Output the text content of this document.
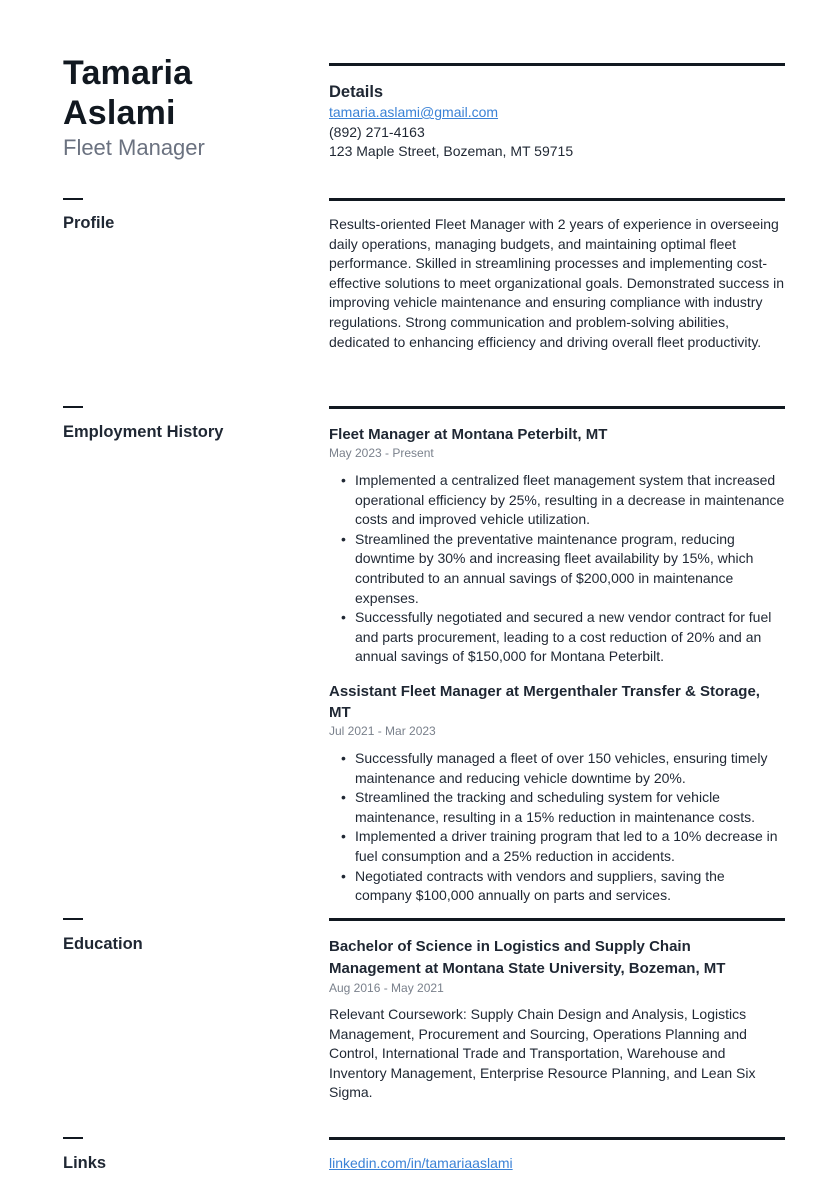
Tamaria
Aslami
Fleet Manager
Details
tamaria.aslami@gmail.com
(892) 271-4163
123 Maple Street, Bozeman, MT 59715
Profile	Results-oriented Fleet Manager with 2 years of experience in overseeing daily operations, managing budgets, and maintaining optimal fleet performance. Skilled in streamlining processes and implementing cost-effective solutions to meet organizational goals. Demonstrated success in improving vehicle maintenance and ensuring compliance with industry regulations. Strong communication and problem-solving abilities, dedicated to enhancing efficiency and driving overall fleet productivity.
Employment History	Fleet Manager at Montana Peterbilt, MT
May 2023 - Present
• Implemented a centralized fleet management system that increased operational efficiency by 25%, resulting in a decrease in maintenance costs and improved vehicle utilization.
• Streamlined the preventative maintenance program, reducing downtime by 30% and increasing fleet availability by 15%, which contributed to an annual savings of $200,000 in maintenance expenses.
• Successfully negotiated and secured a new vendor contract for fuel and parts procurement, leading to a cost reduction of 20% and an annual savings of $150,000 for Montana Peterbilt.
Assistant Fleet Manager at Mergenthaler Transfer & Storage, MT
Jul 2021 - Mar 2023
• Successfully managed a fleet of over 150 vehicles, ensuring timely maintenance and reducing vehicle downtime by 20%.
• Streamlined the tracking and scheduling system for vehicle maintenance, resulting in a 15% reduction in maintenance costs.
• Implemented a driver training program that led to a 10% decrease in fuel consumption and a 25% reduction in accidents.
• Negotiated contracts with vendors and suppliers, saving the company $100,000 annually on parts and services.
Education	Bachelor of Science in Logistics and Supply Chain Management at Montana State University, Bozeman, MT
Aug 2016 - May 2021
Relevant Coursework: Supply Chain Design and Analysis, Logistics Management, Procurement and Sourcing, Operations Planning and Control, International Trade and Transportation, Warehouse and Inventory Management, Enterprise Resource Planning, and Lean Six Sigma.
Links	linkedin.com/in/tamariaaslami
